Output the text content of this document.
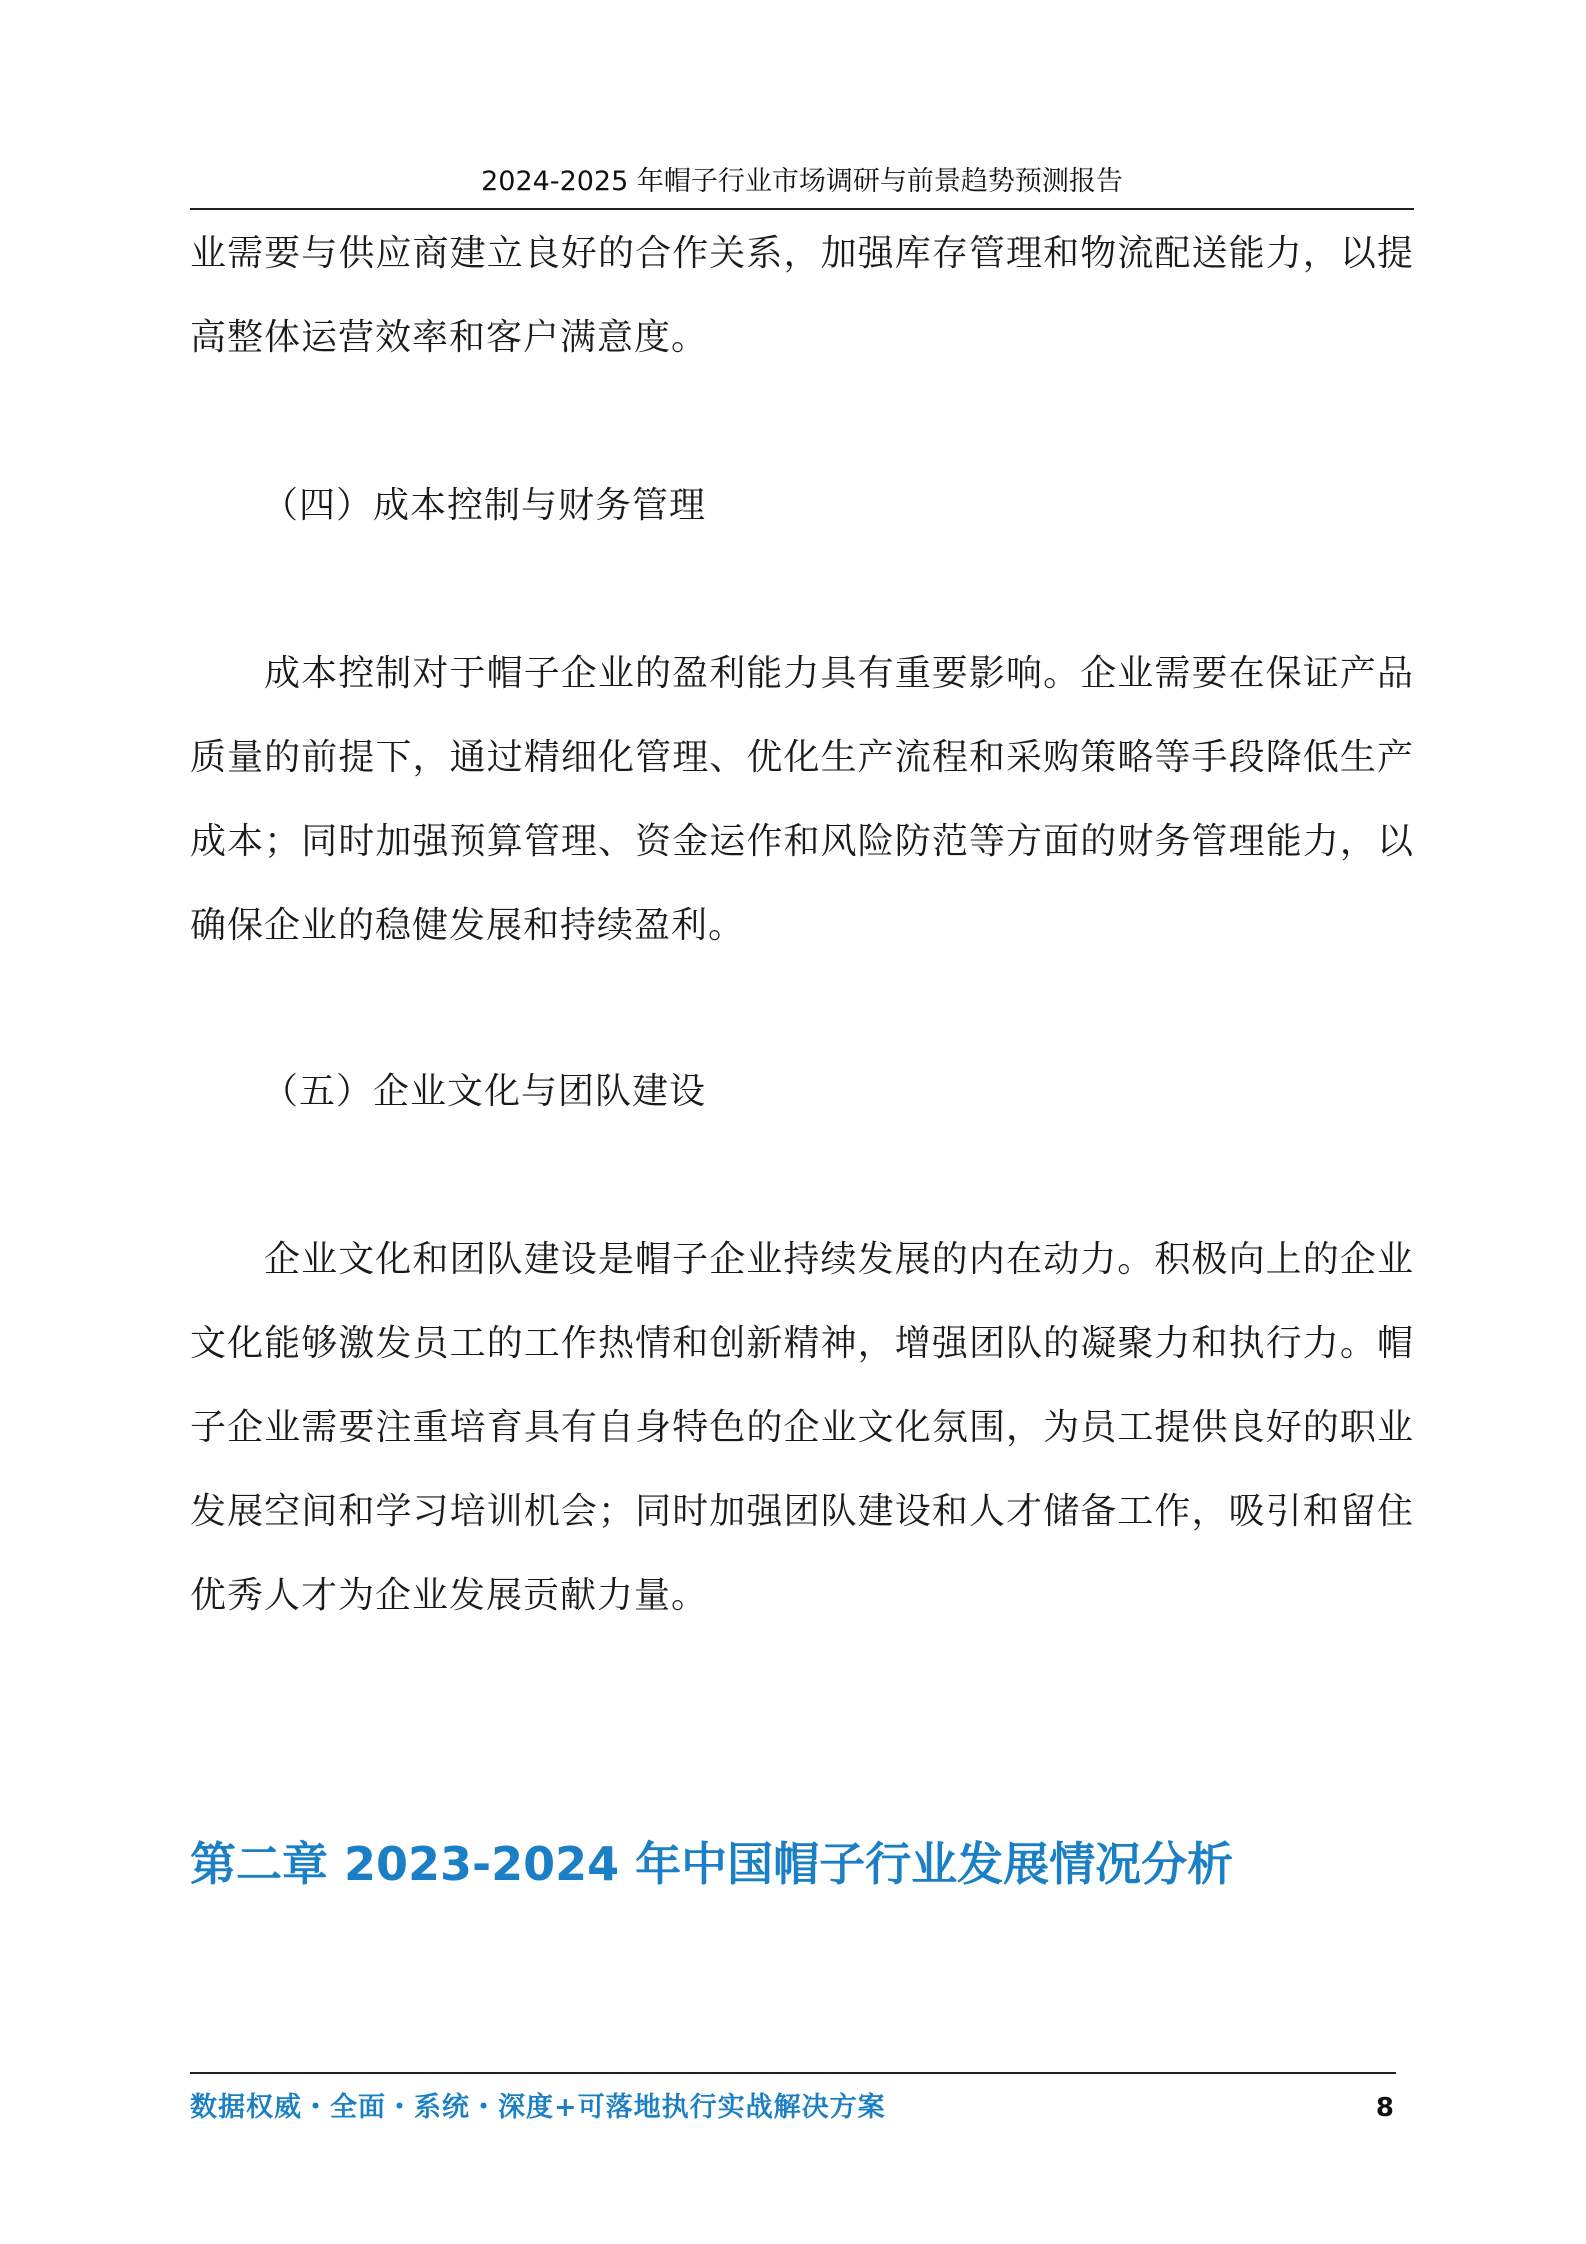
2024-2025 年帽子行业市场调研与前景趋势预测报告

业需要与供应商建立良好的合作关系，加强库存管理和物流配送能力，以提高整体运营效率和客户满意度。

（四）成本控制与财务管理

成本控制对于帽子企业的盈利能力具有重要影响。企业需要在保证产品质量的前提下，通过精细化管理、优化生产流程和采购策略等手段降低生产成本；同时加强预算管理、资金运作和风险防范等方面的财务管理能力，以确保企业的稳健发展和持续盈利。

（五）企业文化与团队建设

企业文化和团队建设是帽子企业持续发展的内在动力。积极向上的企业文化能够激发员工的工作热情和创新精神，增强团队的凝聚力和执行力。帽子企业需要注重培育具有自身特色的企业文化氛围，为员工提供良好的职业发展空间和学习培训机会；同时加强团队建设和人才储备工作，吸引和留住优秀人才为企业发展贡献力量。

第二章 2023-2024 年中国帽子行业发展情况分析
数据权威・全面・系统・深度+可落地执行实战解决方案	8
